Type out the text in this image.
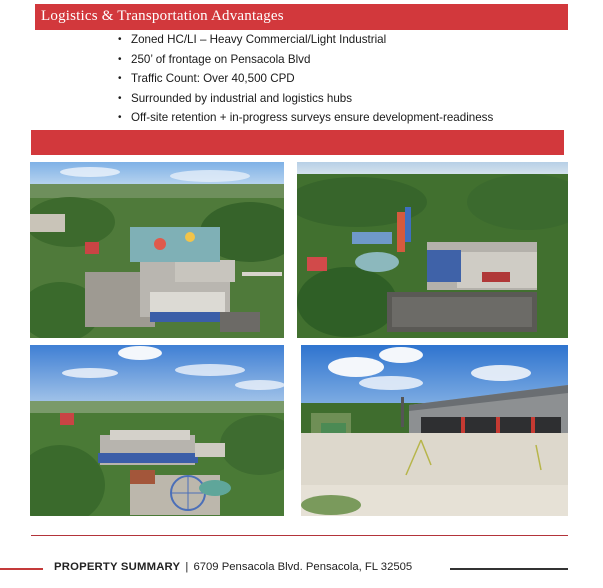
Logistics & Transportation Advantages
• Zoned HC/LI – Heavy Commercial/Light Industrial
• 250’ of frontage on Pensacola Blvd
• Traffic Count: Over 40,500 CPD
• Surrounded by industrial and logistics hubs
• Off-site retention + in-progress surveys ensure development-readiness
PROPERTY SUMMARY | 6709 Pensacola Blvd. Pensacola, FL 32505
